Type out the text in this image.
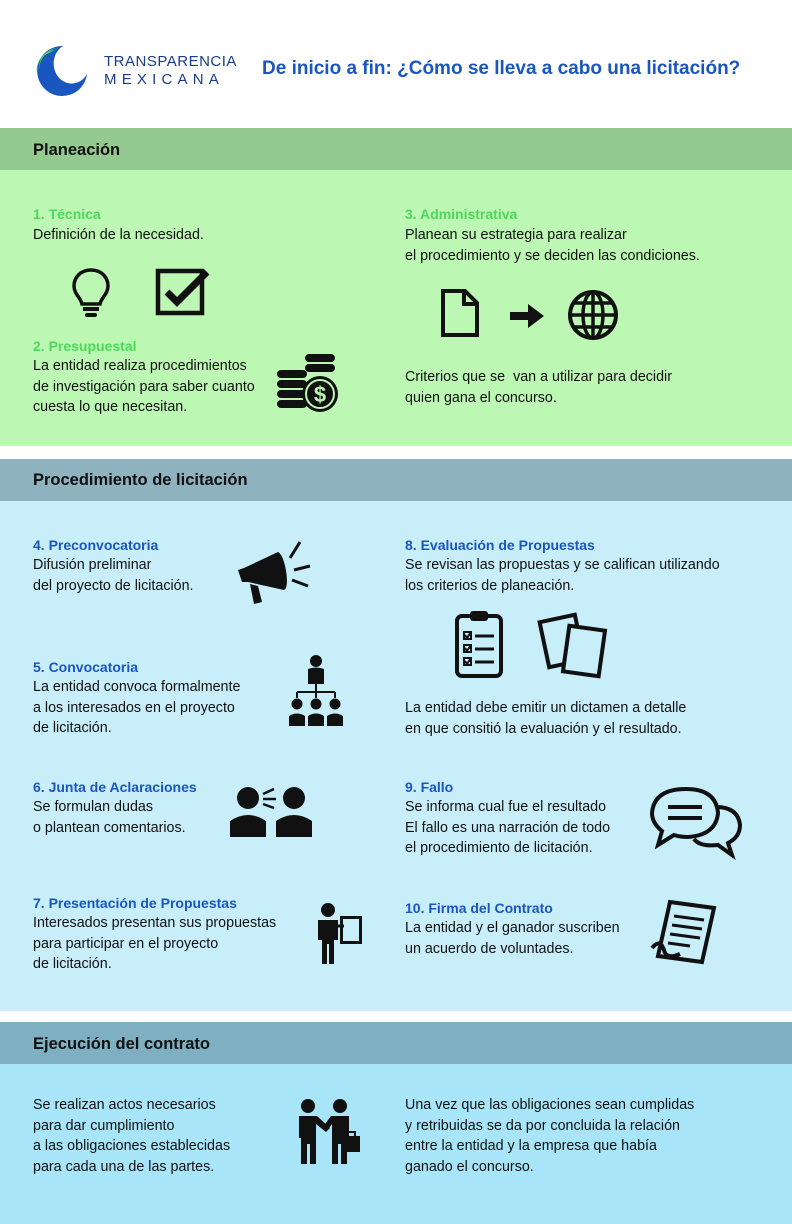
TRANSPARENCIA
MEXICANA
De inicio a fin: ¿Cómo se lleva a cabo una licitación?
Planeación
1. Técnica
Definición de la necesidad.
2. Presupuestal
La entidad realiza procedimientos
de investigación para saber cuanto
cuesta lo que necesitan.	$
3. Administrativa
Planean su estrategia para realizar
el procedimiento y se deciden las condiciones.
Criterios que se  van a utilizar para decidir
quien gana el concurso.
Procedimiento de licitación
4. Preconvocatoria
Difusión preliminar
del proyecto de licitación.
5. Convocatoria
La entidad convoca formalmente
a los interesados en el proyecto
de licitación.
6. Junta de Aclaraciones
Se formulan dudas
o plantean comentarios.
7. Presentación de Propuestas
Interesados presentan sus propuestas
para participar en el proyecto
de licitación.
8. Evaluación de Propuestas
Se revisan las propuestas y se califican utilizando
los criterios de planeación.
La entidad debe emitir un dictamen a detalle
en que consitió la evaluación y el resultado.
9. Fallo
Se informa cual fue el resultado
El fallo es una narración de todo
el procedimiento de licitación.
10. Firma del Contrato
La entidad y el ganador suscriben
un acuerdo de voluntades.
Ejecución del contrato
Se realizan actos necesarios
para dar cumplimiento
a las obligaciones establecidas
para cada una de las partes.
Una vez que las obligaciones sean cumplidas
y retribuidas se da por concluida la relación
entre la entidad y la empresa que había
ganado el concurso.
